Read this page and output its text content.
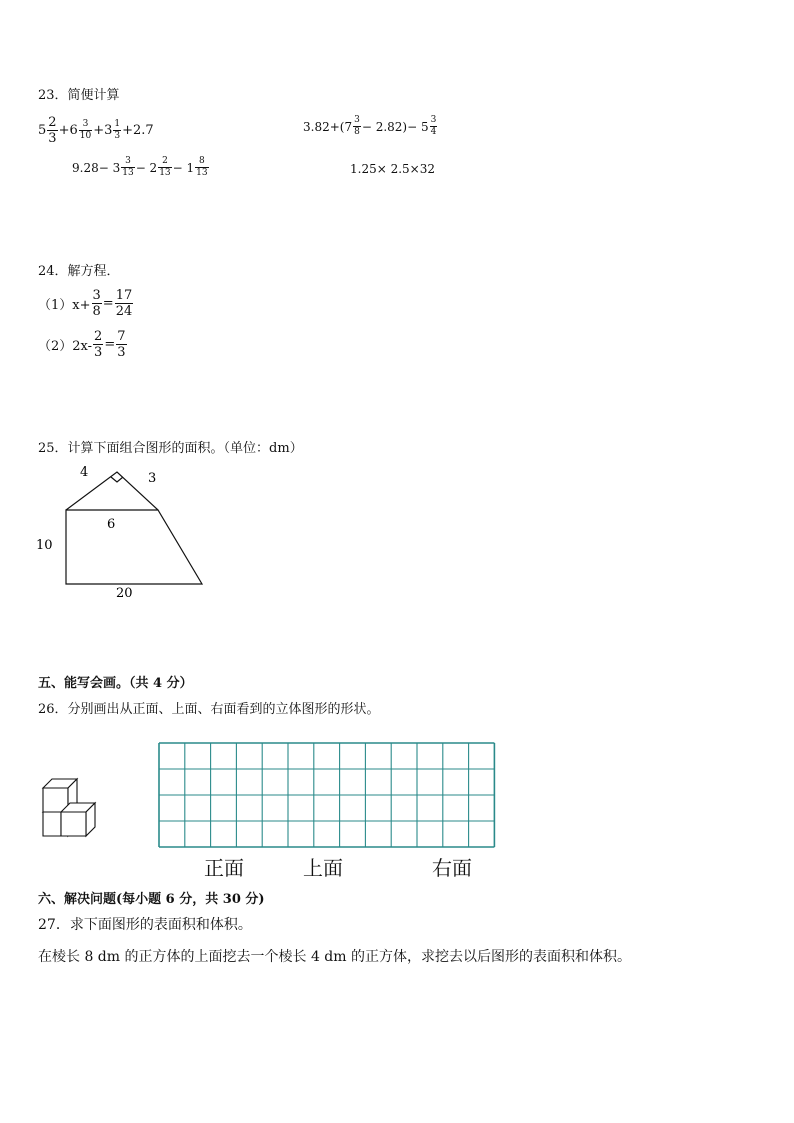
23．简便计算
$5 \frac{2}{3} +6 \frac{3}{10} +3 \frac{1}{3} +2.7$	$3.82+(7 \frac{3}{8} - 2.82)- 5 \frac{3}{4}$
$9.28- 3 \frac{3}{13} - 2 \frac{2}{13} - 1 \frac{8}{13}$	1.25× 2.5×32
24．解方程．
$(1)x+ \frac{3}{8} = \frac{17}{24}$
$(2)2x- \frac{2}{3} = \frac{7}{3}$
25．计算下面组合图形的面积。（单位：dm）
4	3
6
10
20
五、能写会画。（共 4 分）
26．分别画出从正面、上面、右面看到的立体图形的形状。
正面	上面	右面
六、解决问题(每小题 6 分，共 30 分)
27．求下面图形的表面积和体积。
在棱长 8 dm 的正方体的上面挖去一个棱长 4 dm 的正方体，求挖去以后图形的表面积和体积。
